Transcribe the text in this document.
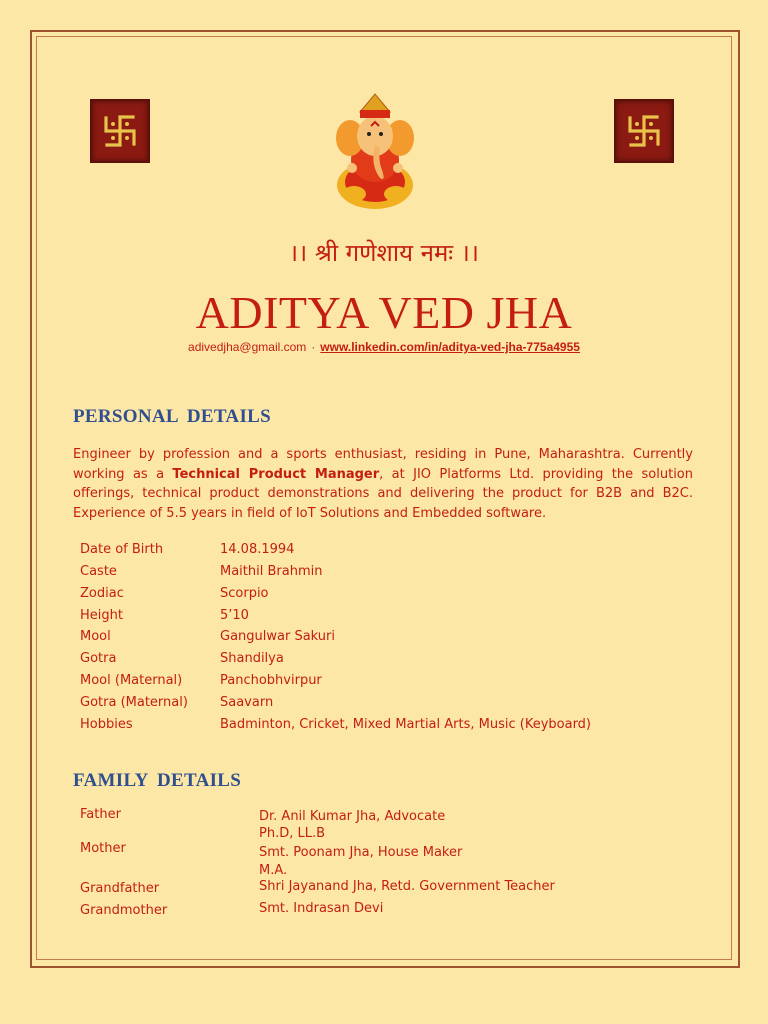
।। श्री गणेशाय नमः ।।
ADITYA VED JHA
adivedjha@gmail.com · www.linkedin.com/in/aditya-ved-jha-775a4955
PERSONAL DETAILS
Engineer by profession and a sports enthusiast, residing in Pune, Maharashtra. Currently working as a Technical Product Manager, at JIO Platforms Ltd. providing the solution offerings, technical product demonstrations and delivering the product for B2B and B2C. Experience of 5.5 years in field of IoT Solutions and Embedded software.
Date of Birth	14.08.1994
Caste	Maithil Brahmin
Zodiac	Scorpio
Height	5’10
Mool	Gangulwar Sakuri
Gotra	Shandilya
Mool (Maternal)	Panchobhvirpur
Gotra (Maternal) Saavarn
Hobbies	Badminton, Cricket, Mixed Martial Arts, Music (Keyboard)
FAMILY DETAILS
Father	Dr. Anil Kumar Jha, Advocate
Ph.D, LL.B
Mother	Smt. Poonam Jha, House Maker
M.A.
Grandfather	Shri Jayanand Jha, Retd. Government Teacher
Grandmother	Smt. Indrasan Devi
